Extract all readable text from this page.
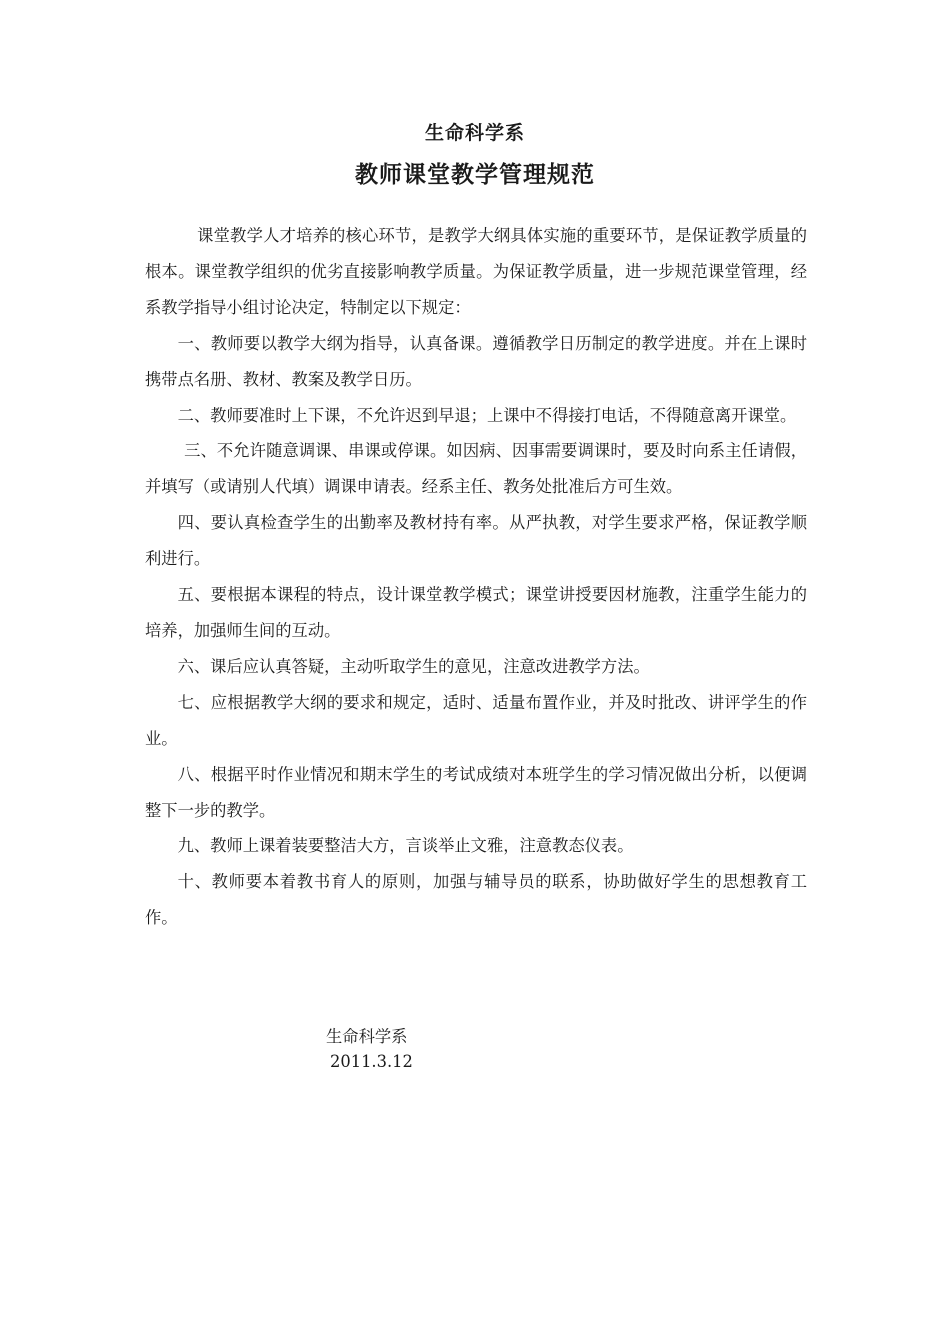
生命科学系
教师课堂教学管理规范

课堂教学人才培养的核心环节，是教学大纲具体实施的重要环节，是保证教学质量的根本。课堂教学组织的优劣直接影响教学质量。为保证教学质量，进一步规范课堂管理，经系教学指导小组讨论决定，特制定以下规定：

一、教师要以教学大纲为指导，认真备课。遵循教学日历制定的教学进度。并在上课时携带点名册、教材、教案及教学日历。

二、教师要准时上下课，不允许迟到早退；上课中不得接打电话，不得随意离开课堂。

三、不允许随意调课、串课或停课。如因病、因事需要调课时，要及时向系主任请假，并填写（或请别人代填）调课申请表。经系主任、教务处批准后方可生效。

四、要认真检查学生的出勤率及教材持有率。从严执教，对学生要求严格，保证教学顺利进行。

五、要根据本课程的特点，设计课堂教学模式；课堂讲授要因材施教，注重学生能力的培养，加强师生间的互动。

六、课后应认真答疑，主动听取学生的意见，注意改进教学方法。

七、应根据教学大纲的要求和规定，适时、适量布置作业，并及时批改、讲评学生的作业。

八、根据平时作业情况和期末学生的考试成绩对本班学生的学习情况做出分析，以便调整下一步的教学。

九、教师上课着装要整洁大方，言谈举止文雅，注意教态仪表。

十、教师要本着教书育人的原则，加强与辅导员的联系，协助做好学生的思想教育工作。

生命科学系
2011.3.12
